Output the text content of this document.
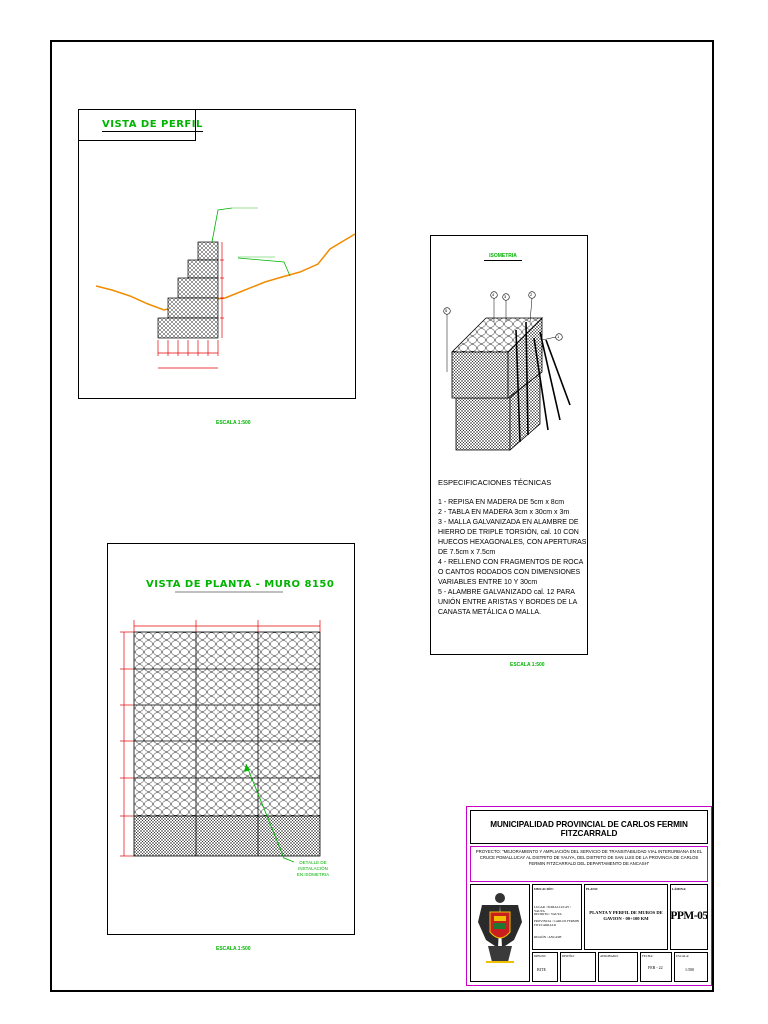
VISTA DE PERFIL
ESCALA 1:500
ISOMETRIA
5
4 3	2
1
ESPECIFICACIONES TÉCNICAS
1 - REPISA EN MADERA DE 5cm x 8cm
2 - TABLA EN MADERA 3cm x 30cm x 3m
3 - MALLA GALVANIZADA EN ALAMBRE DE HIERRO DE TRIPLE TORSIÓN, cal. 10 CON HUECOS HEXAGONALES, CON APERTURAS DE 7.5cm x 7.5cm
4 - RELLENO CON FRAGMENTOS DE ROCA O CANTOS RODADOS CON DIMENSIONES VARIABLES ENTRE 10 Y 30cm
5 - ALAMBRE GALVANIZADO cal. 12 PARA UNIÓN ENTRE ARISTAS Y BORDES DE LA CANASTA METÁLICA O MALLA.
ESCALA 1:500
VISTA DE PLANTA - MURO 8150
DETALLE DE INSTALACIÓN EN ISOMETRIA
ESCALA 1:500
MUNICIPALIDAD PROVINCIAL DE CARLOS FERMIN FITZCARRALD
PROYECTO: "MEJORAMIENTO Y AMPLIACIÓN DEL SERVICIO DE TRANSITABILIDAD VIAL INTERURBANA EN EL CRUCE POMALLUCAY AL DISTRITO DE YAUYA, DEL DISTRITO DE SAN LUIS DE LA PROVINCIA DE CARLOS FERMIN FITZCARRALD DEL DEPARTAMENTO DE ANCASH"
UBICACIÓN:
LUGAR : POMALLUCAY / YAUYA
DISTRITO : YAUYA
PROVINCIA : CARLOS FERMIN FITZCARRALD
REGIÓN : ANCASH
PLANO:
PLANTA Y PERFIL DE MUROS DE GAVION - 00+100 KM
LÁMINA:
PPM-05
DIBUJO:
BITE
DISEÑO:	APROBADO:	FECHA:
FEB - 22
ESCALA:
1:500
